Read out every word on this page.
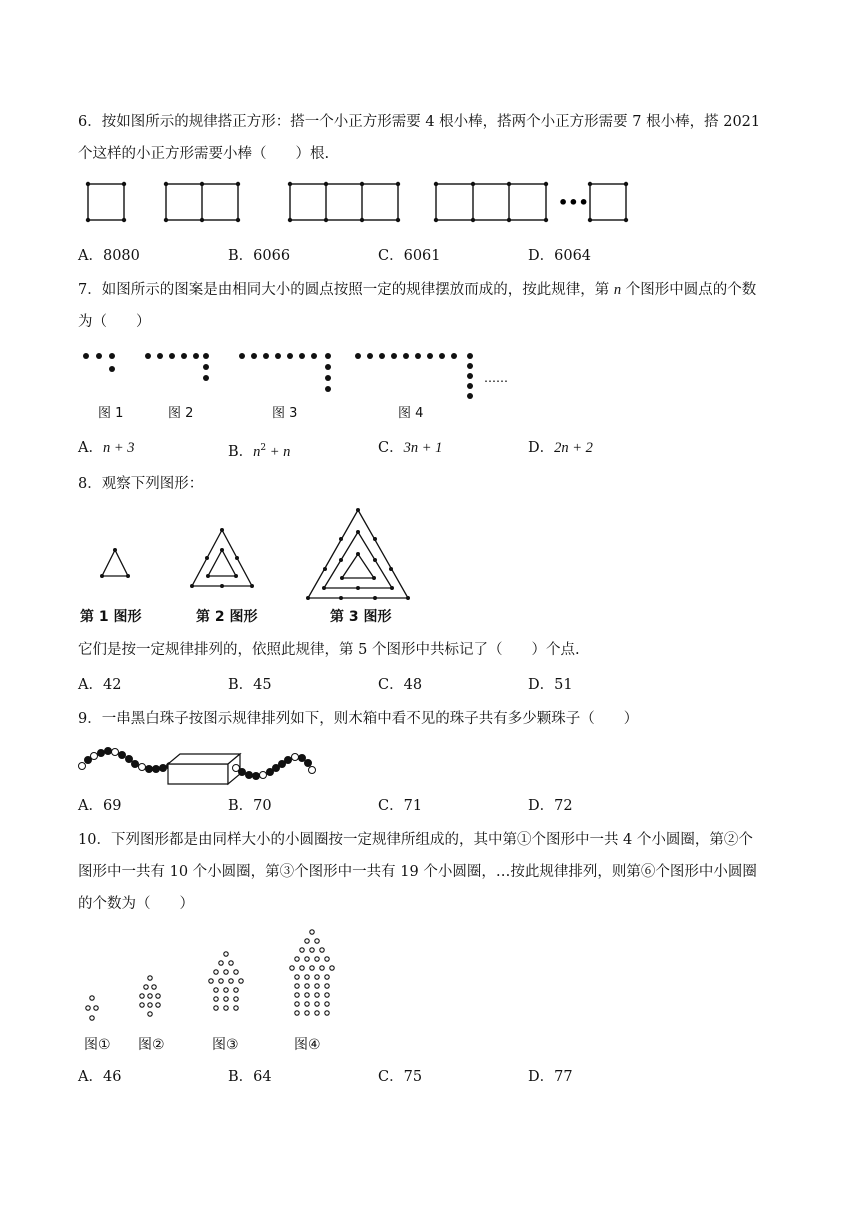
6．按如图所示的规律搭正方形：搭一个小正方形需要 4 根小棒，搭两个小正方形需要 7 根小棒，搭 2021
个这样的小正方形需要小棒（　　）根.
•••
A．8080	B．6066	C．6061	D．6064
7．如图所示的图案是由相同大小的圆点按照一定的规律摆放而成的，按此规律，第 n 个图形中圆点的个数
为（　　）
……
图 1	图 2	图 3	图 4
A．n + 3	B．$n^2 + n$	C．3n + 1	D．2n + 2
8．观察下列图形：
第 1 图形	第 2 图形	第 3 图形
它们是按一定规律排列的，依照此规律，第 5 个图形中共标记了（　　）个点.
A．42	B．45	C．48	D．51
9．一串黑白珠子按图示规律排列如下，则木箱中看不见的珠子共有多少颗珠子（　　）
A．69	B．70	C．71	D．72
10．下列图形都是由同样大小的小圆圈按一定规律所组成的，其中第①个图形中一共 4 个小圆圈，第②个
图形中一共有 10 个小圆圈，第③个图形中一共有 19 个小圆圈，…按此规律排列，则第⑥个图形中小圆圈
的个数为（　　）
图① 图②	图③	图④
A．46	B．64	C．75	D．77
